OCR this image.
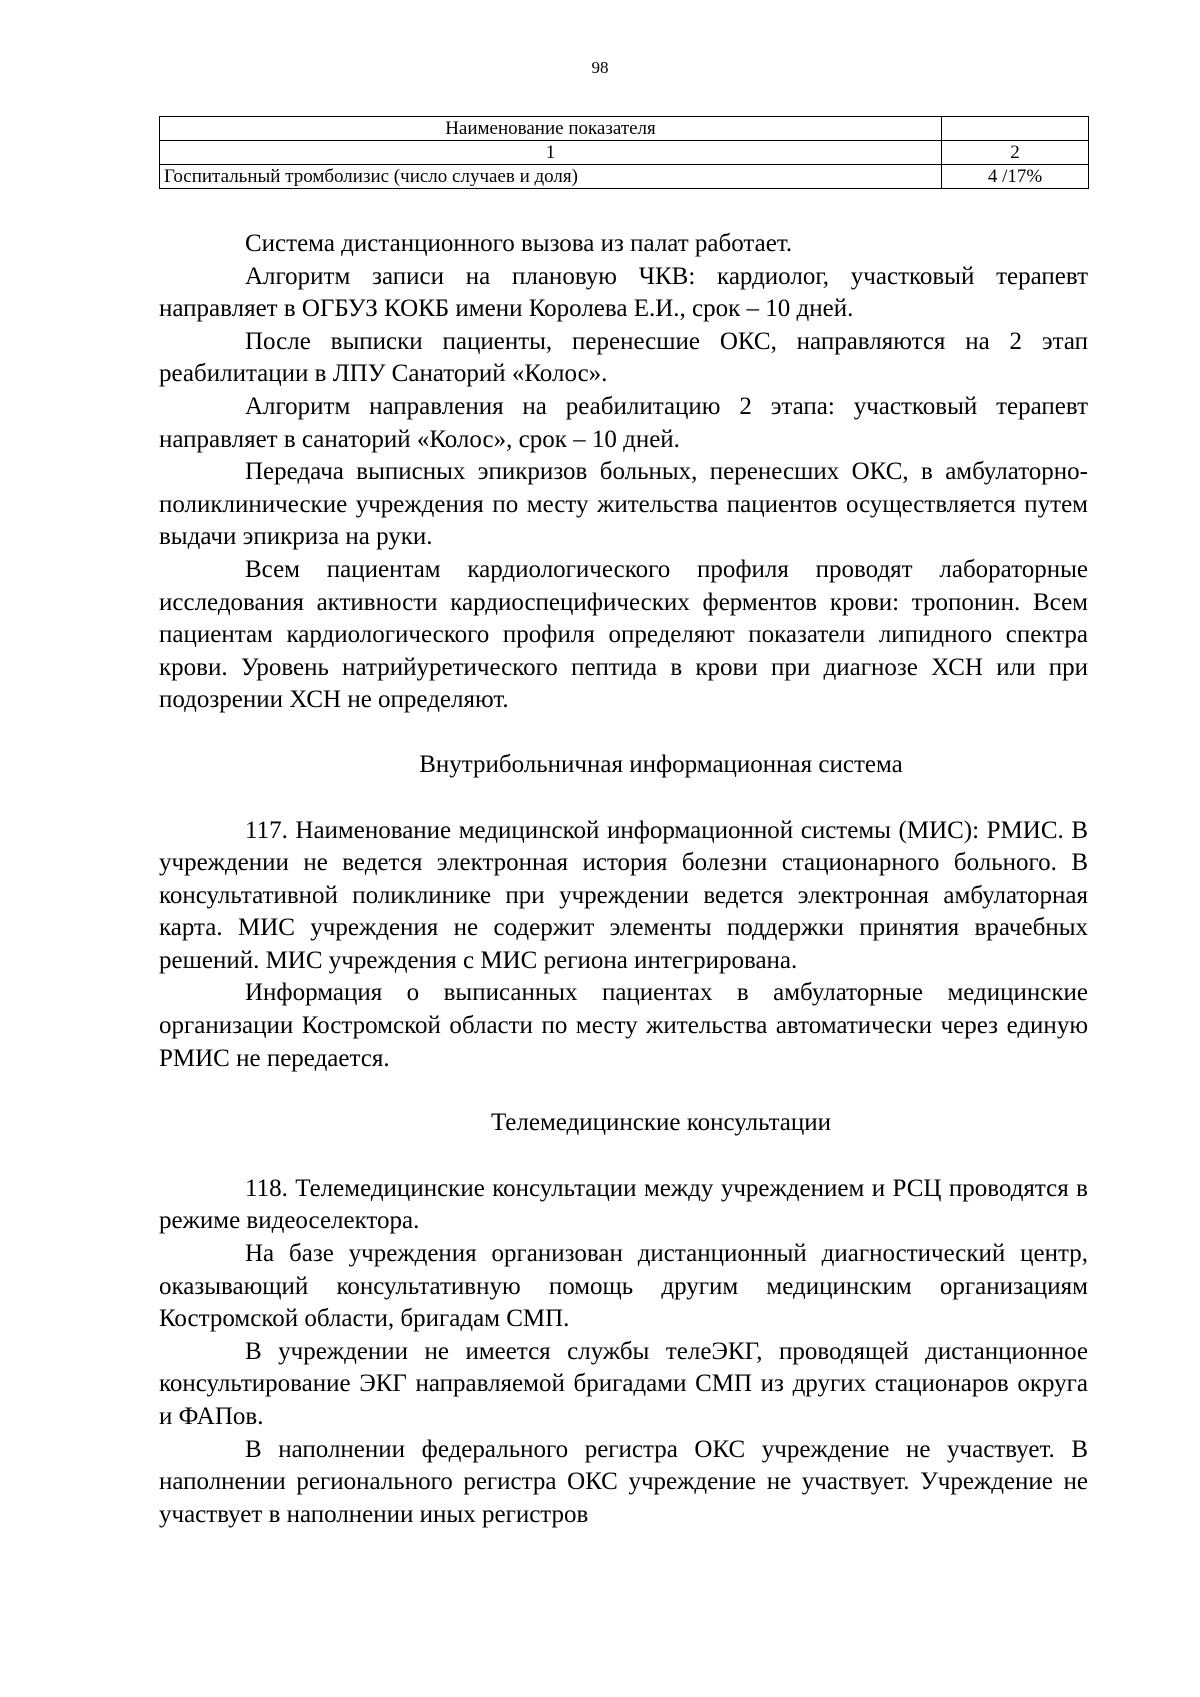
98
Наименование показателя	
1	2
Госпитальный тромболизис (число случаев и доля)	4 /17%

Система дистанционного вызова из палат работает.

Алгоритм записи на плановую ЧКВ: кардиолог, участковый терапевт направляет в ОГБУЗ КОКБ имени Королева Е.И., срок – 10 дней.

После выписки пациенты, перенесшие ОКС, направляются на 2 этап реабилитации в ЛПУ Санаторий «Колос».

Алгоритм направления на реабилитацию 2 этапа: участковый терапевт направляет в санаторий «Колос», срок – 10 дней.

Передача выписных эпикризов больных, перенесших ОКС, в амбулаторно-поликлинические учреждения по месту жительства пациентов осуществляется путем выдачи эпикриза на руки.

Всем пациентам кардиологического профиля проводят лабораторные исследования активности кардиоспецифических ферментов крови: тропонин. Всем пациентам кардиологического профиля определяют показатели липидного спектра крови. Уровень натрийуретического пептида в крови при диагнозе ХСН или при подозрении ХСН не определяют.

Внутрибольничная информационная система

117. Наименование медицинской информационной системы (МИС): РМИС. В учреждении не ведется электронная история болезни стационарного больного. В консультативной поликлинике при учреждении ведется электронная амбулаторная карта. МИС учреждения не содержит элементы поддержки принятия врачебных решений. МИС учреждения с МИС региона интегрирована.

Информация о выписанных пациентах в амбулаторные медицинские организации Костромской области по месту жительства автоматически через единую РМИС не передается.

Телемедицинские консультации

118. Телемедицинские консультации между учреждением и РСЦ проводятся в режиме видеоселектора.

На базе учреждения организован дистанционный диагностический центр, оказывающий консультативную помощь другим медицинским организациям Костромской области, бригадам СМП.

В учреждении не имеется службы телеЭКГ, проводящей дистанционное консультирование ЭКГ направляемой бригадами СМП из других стационаров округа и ФАПов.

В наполнении федерального регистра ОКС учреждение не участвует. В наполнении регионального регистра ОКС учреждение не участвует. Учреждение не участвует в наполнении иных регистров
